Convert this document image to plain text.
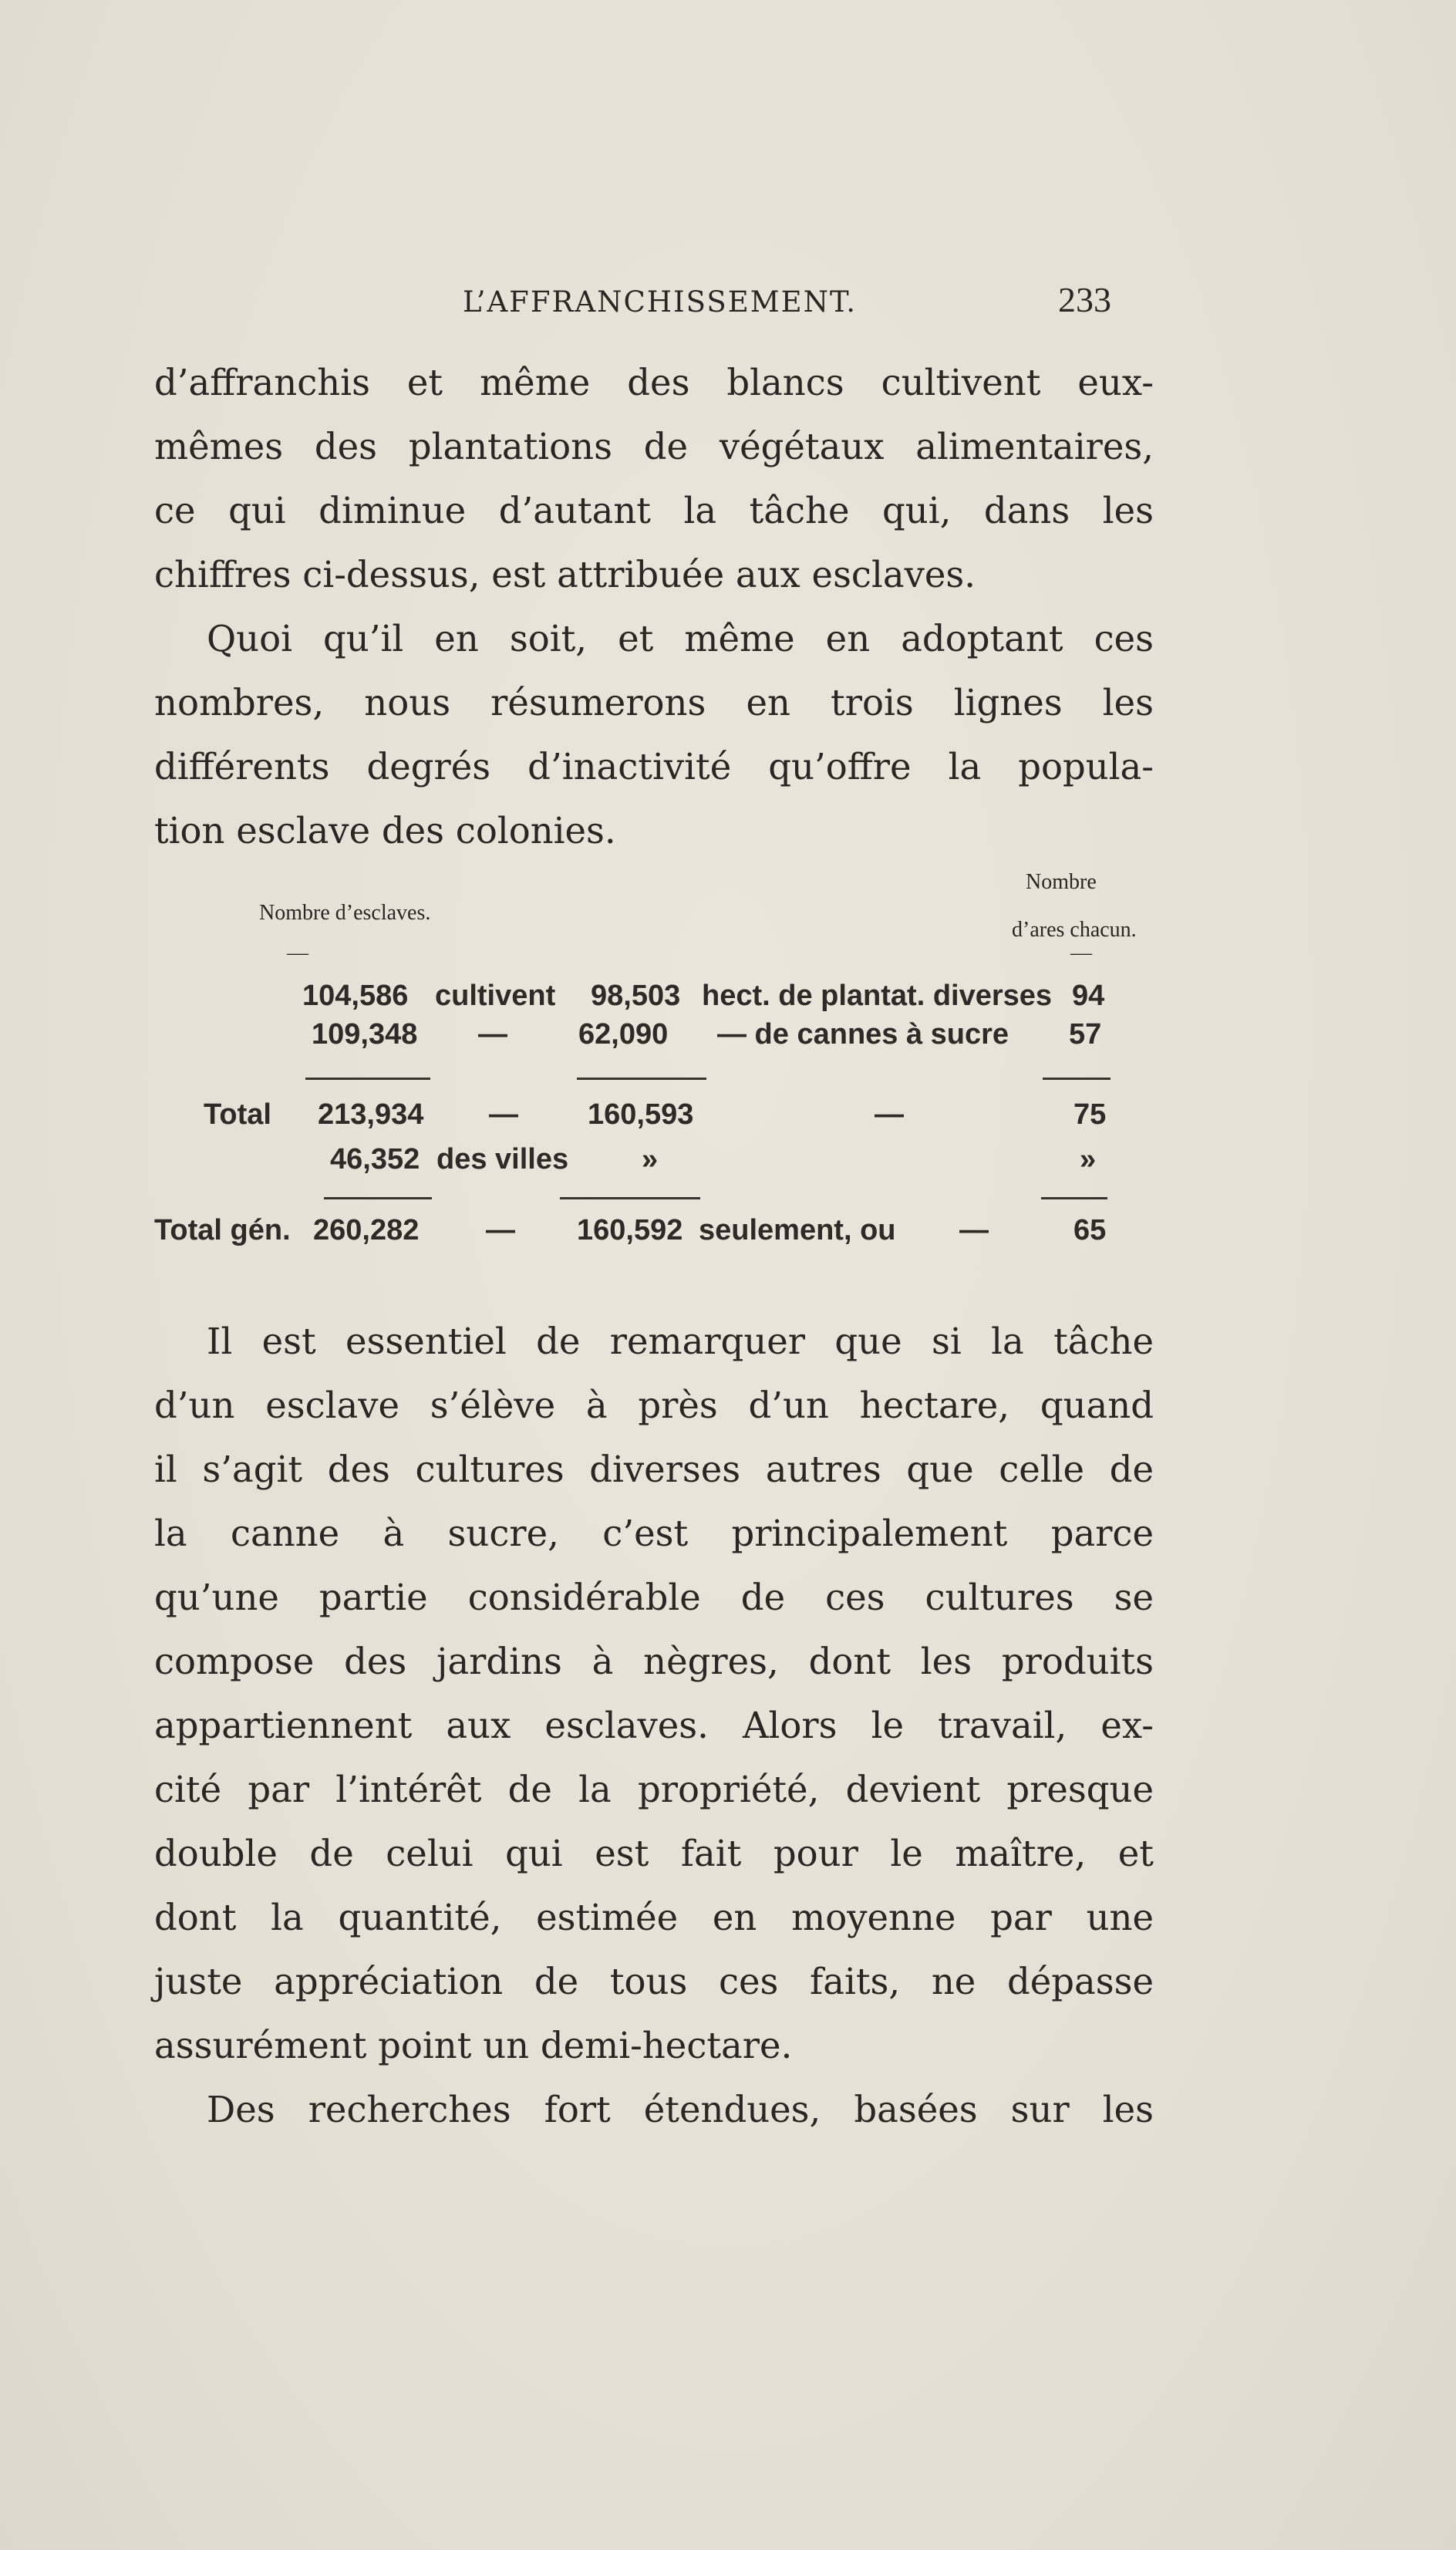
L’AFFRANCHISSEMENT.	233
d’affranchis et même des blancs cultivent eux-
mêmes des plantations de végétaux alimentaires,
ce qui diminue d’autant la tâche qui, dans les
chiffres ci-dessus, est attribuée aux esclaves.
Quoi qu’il en soit, et même en adoptant ces
nombres, nous résumerons en trois lignes les
différents degrés d’inactivité qu’offre la popula-
tion esclave des colonies.
Nombre d’esclaves.
Nombre
d’ares chacun.
—	—
104,586 cultivent 98,503 hect. de plantat. diverses 94
109,348 — 62,090 — de cannes à sucre 57
Total 213,934 — 160,593	—	75
46,352 des villes »	»
Total gén. 260,282 — 160,592 seulement, ou —	65
Il est essentiel de remarquer que si la tâche
d’un esclave s’élève à près d’un hectare, quand
il s’agit des cultures diverses autres que celle de
la canne à sucre, c’est principalement parce
qu’une partie considérable de ces cultures se
compose des jardins à nègres, dont les produits
appartiennent aux esclaves. Alors le travail, ex-
cité par l’intérêt de la propriété, devient presque
double de celui qui est fait pour le maître, et
dont la quantité, estimée en moyenne par une
juste appréciation de tous ces faits, ne dépasse
assurément point un demi-hectare.
Des recherches fort étendues, basées sur les
